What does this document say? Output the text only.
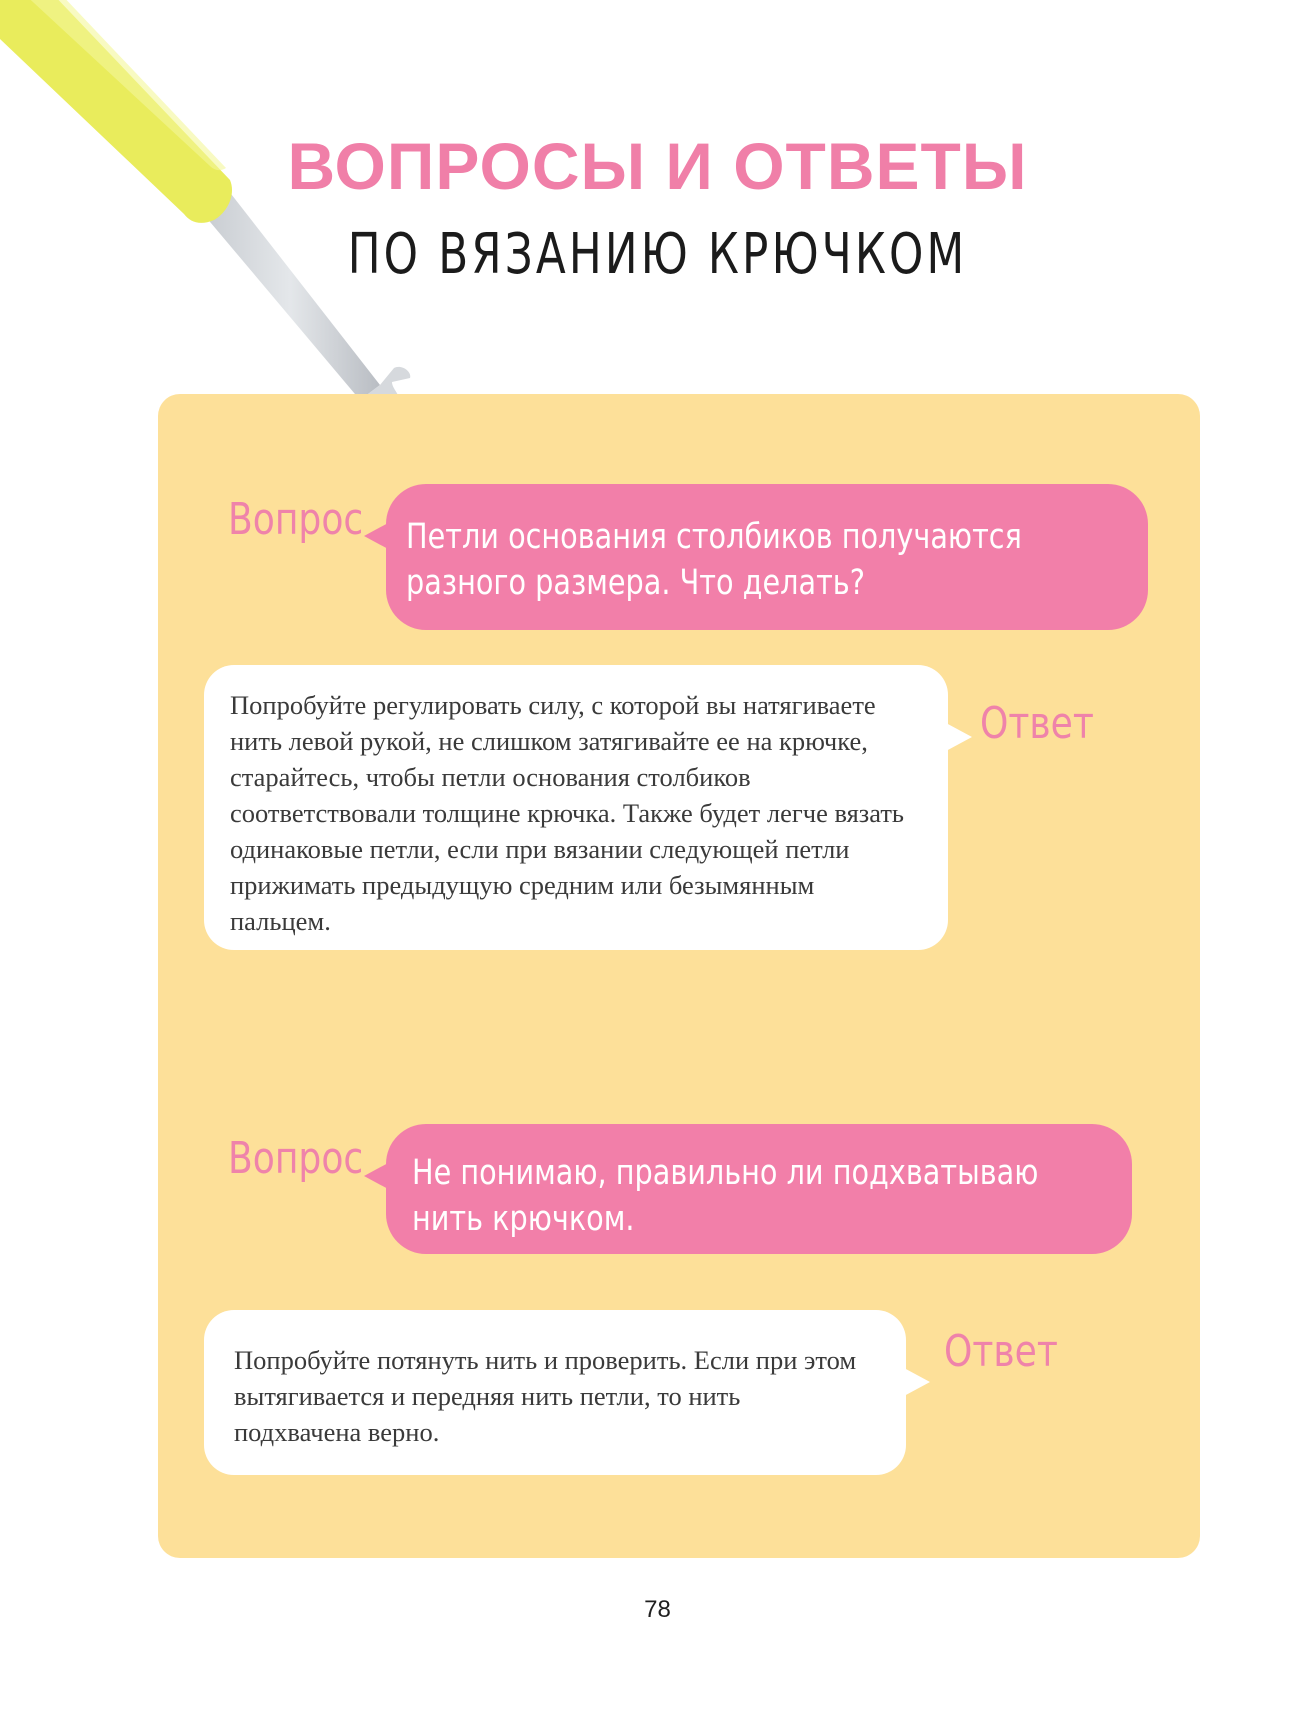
ВОПРОСЫ И ОТВЕТЫ
ПО ВЯЗАНИЮ КРЮЧКОМ
Вопрос Петли основания столбиков получаются разного размера. Что делать?
Попробуйте регулировать силу, с которой вы натягиваете нить левой рукой, не слишком затягивайте ее на крючке, старайтесь, чтобы петли основания столбиков соответствовали толщине крючка. Также будет легче вязать одинаковые петли, если при вязании следующей петли прижимать предыдущую средним или безымянным пальцем.
Ответ
Вопрос Не понимаю, правильно ли подхватываю нить крючком.
Попробуйте потянуть нить и проверить. Если при этом вытягивается и передняя нить петли, то нить подхвачена верно.
Ответ
78
